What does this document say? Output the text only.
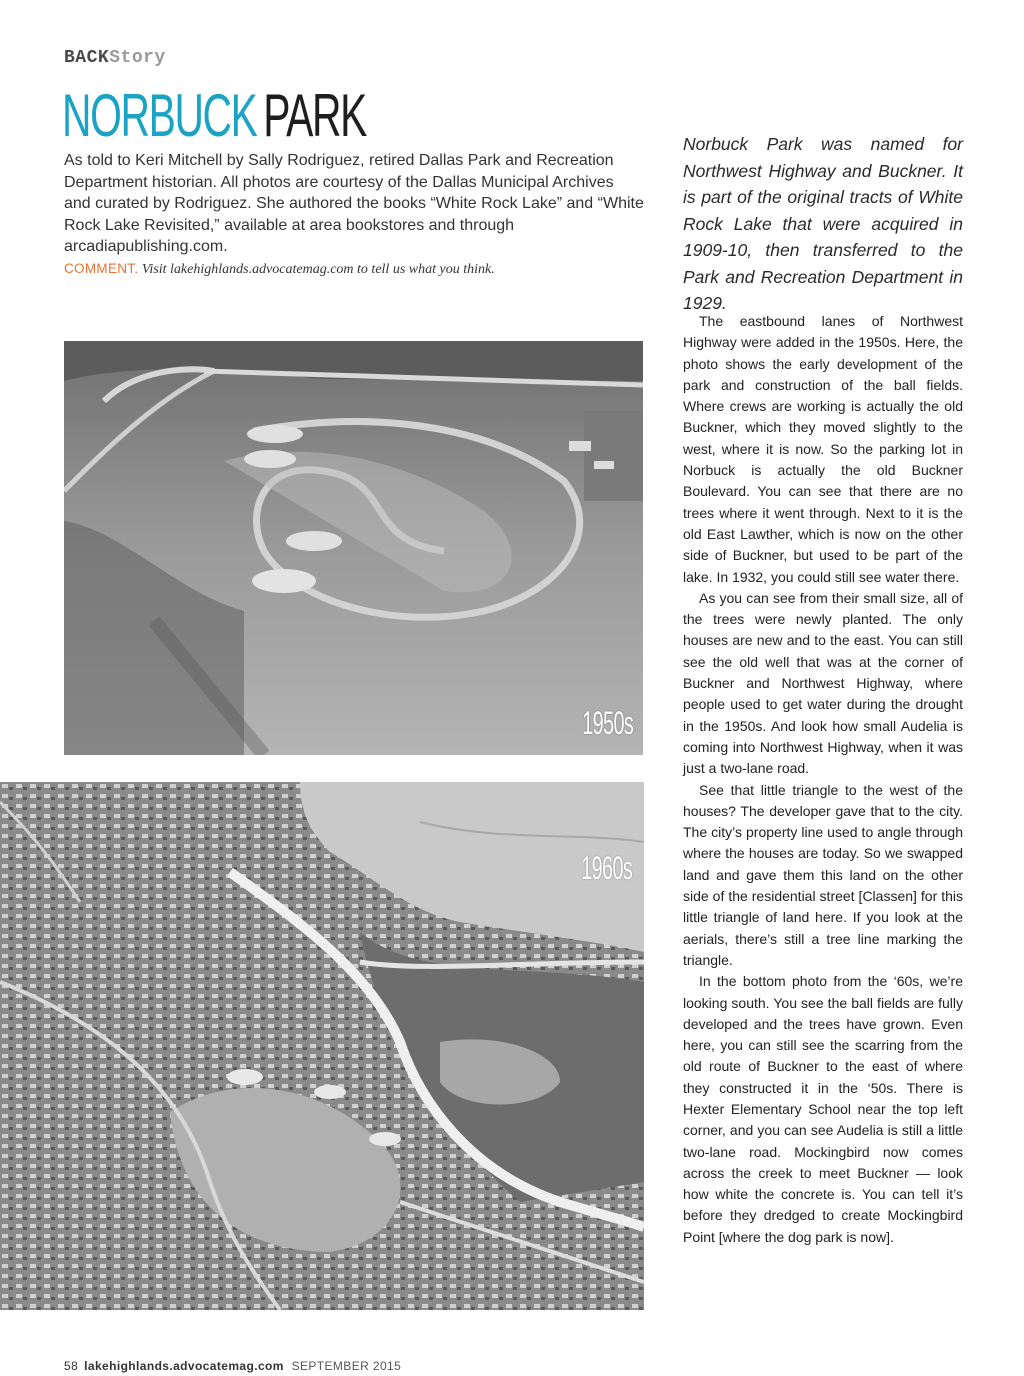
BACKStory
NORBUCK PARK
As told to Keri Mitchell by Sally Rodriguez, retired Dallas Park and Recreation Department historian. All photos are courtesy of the Dallas Municipal Archives and curated by Rodriguez. She authored the books “White Rock Lake” and “White Rock Lake Revisited,” available at area bookstores and through arcadiapublishing.com.
COMMENT. Visit lakehighlands.advocatemag.com to tell us what you think.
Norbuck Park was named for Northwest Highway and Buckner. It is part of the original tracts of White Rock Lake that were acquired in 1909-10, then transferred to the Park and Recreation Department in 1929.

The eastbound lanes of Northwest Highway were added in the 1950s. Here, the photo shows the early development of the park and construction of the ball fields. Where crews are working is actually the old Buckner, which they moved slightly to the west, where it is now. So the parking lot in Norbuck is actually the old Buckner Boulevard. You can see that there are no trees where it went through. Next to it is the old East Lawther, which is now on the other side of Buckner, but used to be part of the lake. In 1932, you could still see water there.

As you can see from their small size, all of the trees were newly planted. The only houses are new and to the east. You can still see the old well that was at the corner of Buckner and Northwest Highway, where people used to get water during the drought in the 1950s. And look how small Audelia is coming into Northwest Highway, when it was just a two-lane road.

See that little triangle to the west of the houses? The developer gave that to the city. The city’s property line used to angle through where the houses are today. So we swapped land and gave them this land on the other side of the residential street [Classen] for this little triangle of land here. If you look at the aerials, there’s still a tree line marking the triangle.

In the bottom photo from the ‘60s, we’re looking south. You see the ball fields are fully developed and the trees have grown. Even here, you can still see the scarring from the old route of Buckner to the east of where they constructed it in the ‘50s. There is Hexter Elementary School near the top left corner, and you can see Audelia is still a little two-lane road. Mockingbird now comes across the creek to meet Buckner — look how white the concrete is. You can tell it’s before they dredged to create Mockingbird Point [where the dog park is now].

1950s
1960s
58 lakehighlands.advocatemag.com SEPTEMBER 2015
